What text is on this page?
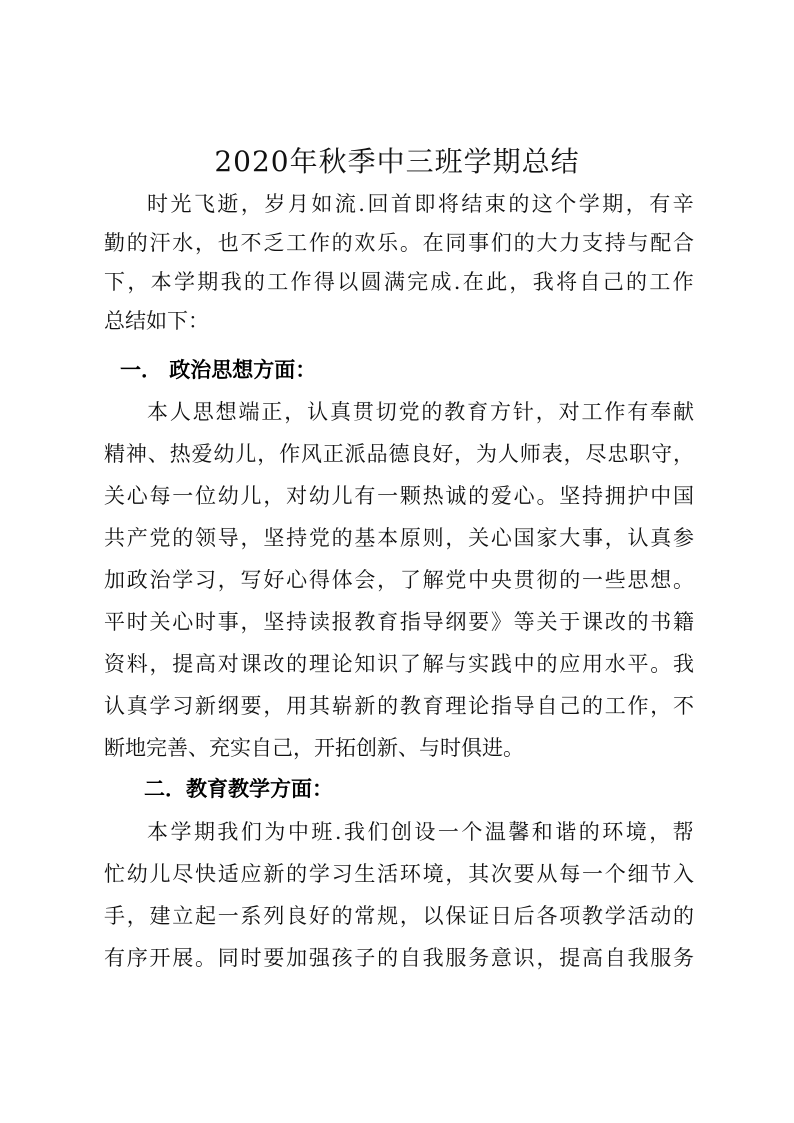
2020年秋季中三班学期总结

时光飞逝，岁月如流.回首即将结束的这个学期，有辛

勤的汗水，也不乏工作的欢乐。在同事们的大力支持与配合

下，本学期我的工作得以圆满完成.在此，我将自己的工作

总结如下：

一． 政治思想方面：

本人思想端正，认真贯切党的教育方针，对工作有奉献

精神、热爱幼儿，作风正派品德良好，为人师表，尽忠职守，

关心每一位幼儿，对幼儿有一颗热诚的爱心。坚持拥护中国

共产党的领导，坚持党的基本原则，关心国家大事，认真参

加政治学习，写好心得体会，了解党中央贯彻的一些思想。

平时关心时事，坚持读报教育指导纲要》等关于课改的书籍

资料，提高对课改的理论知识了解与实践中的应用水平。我

认真学习新纲要，用其崭新的教育理论指导自己的工作，不

断地完善、充实自己，开拓创新、与时俱进。

二．教育教学方面：

本学期我们为中班.我们创设一个温馨和谐的环境，帮

忙幼儿尽快适应新的学习生活环境，其次要从每一个细节入

手，建立起一系列良好的常规，以保证日后各项教学活动的

有序开展。同时要加强孩子的自我服务意识，提高自我服务
